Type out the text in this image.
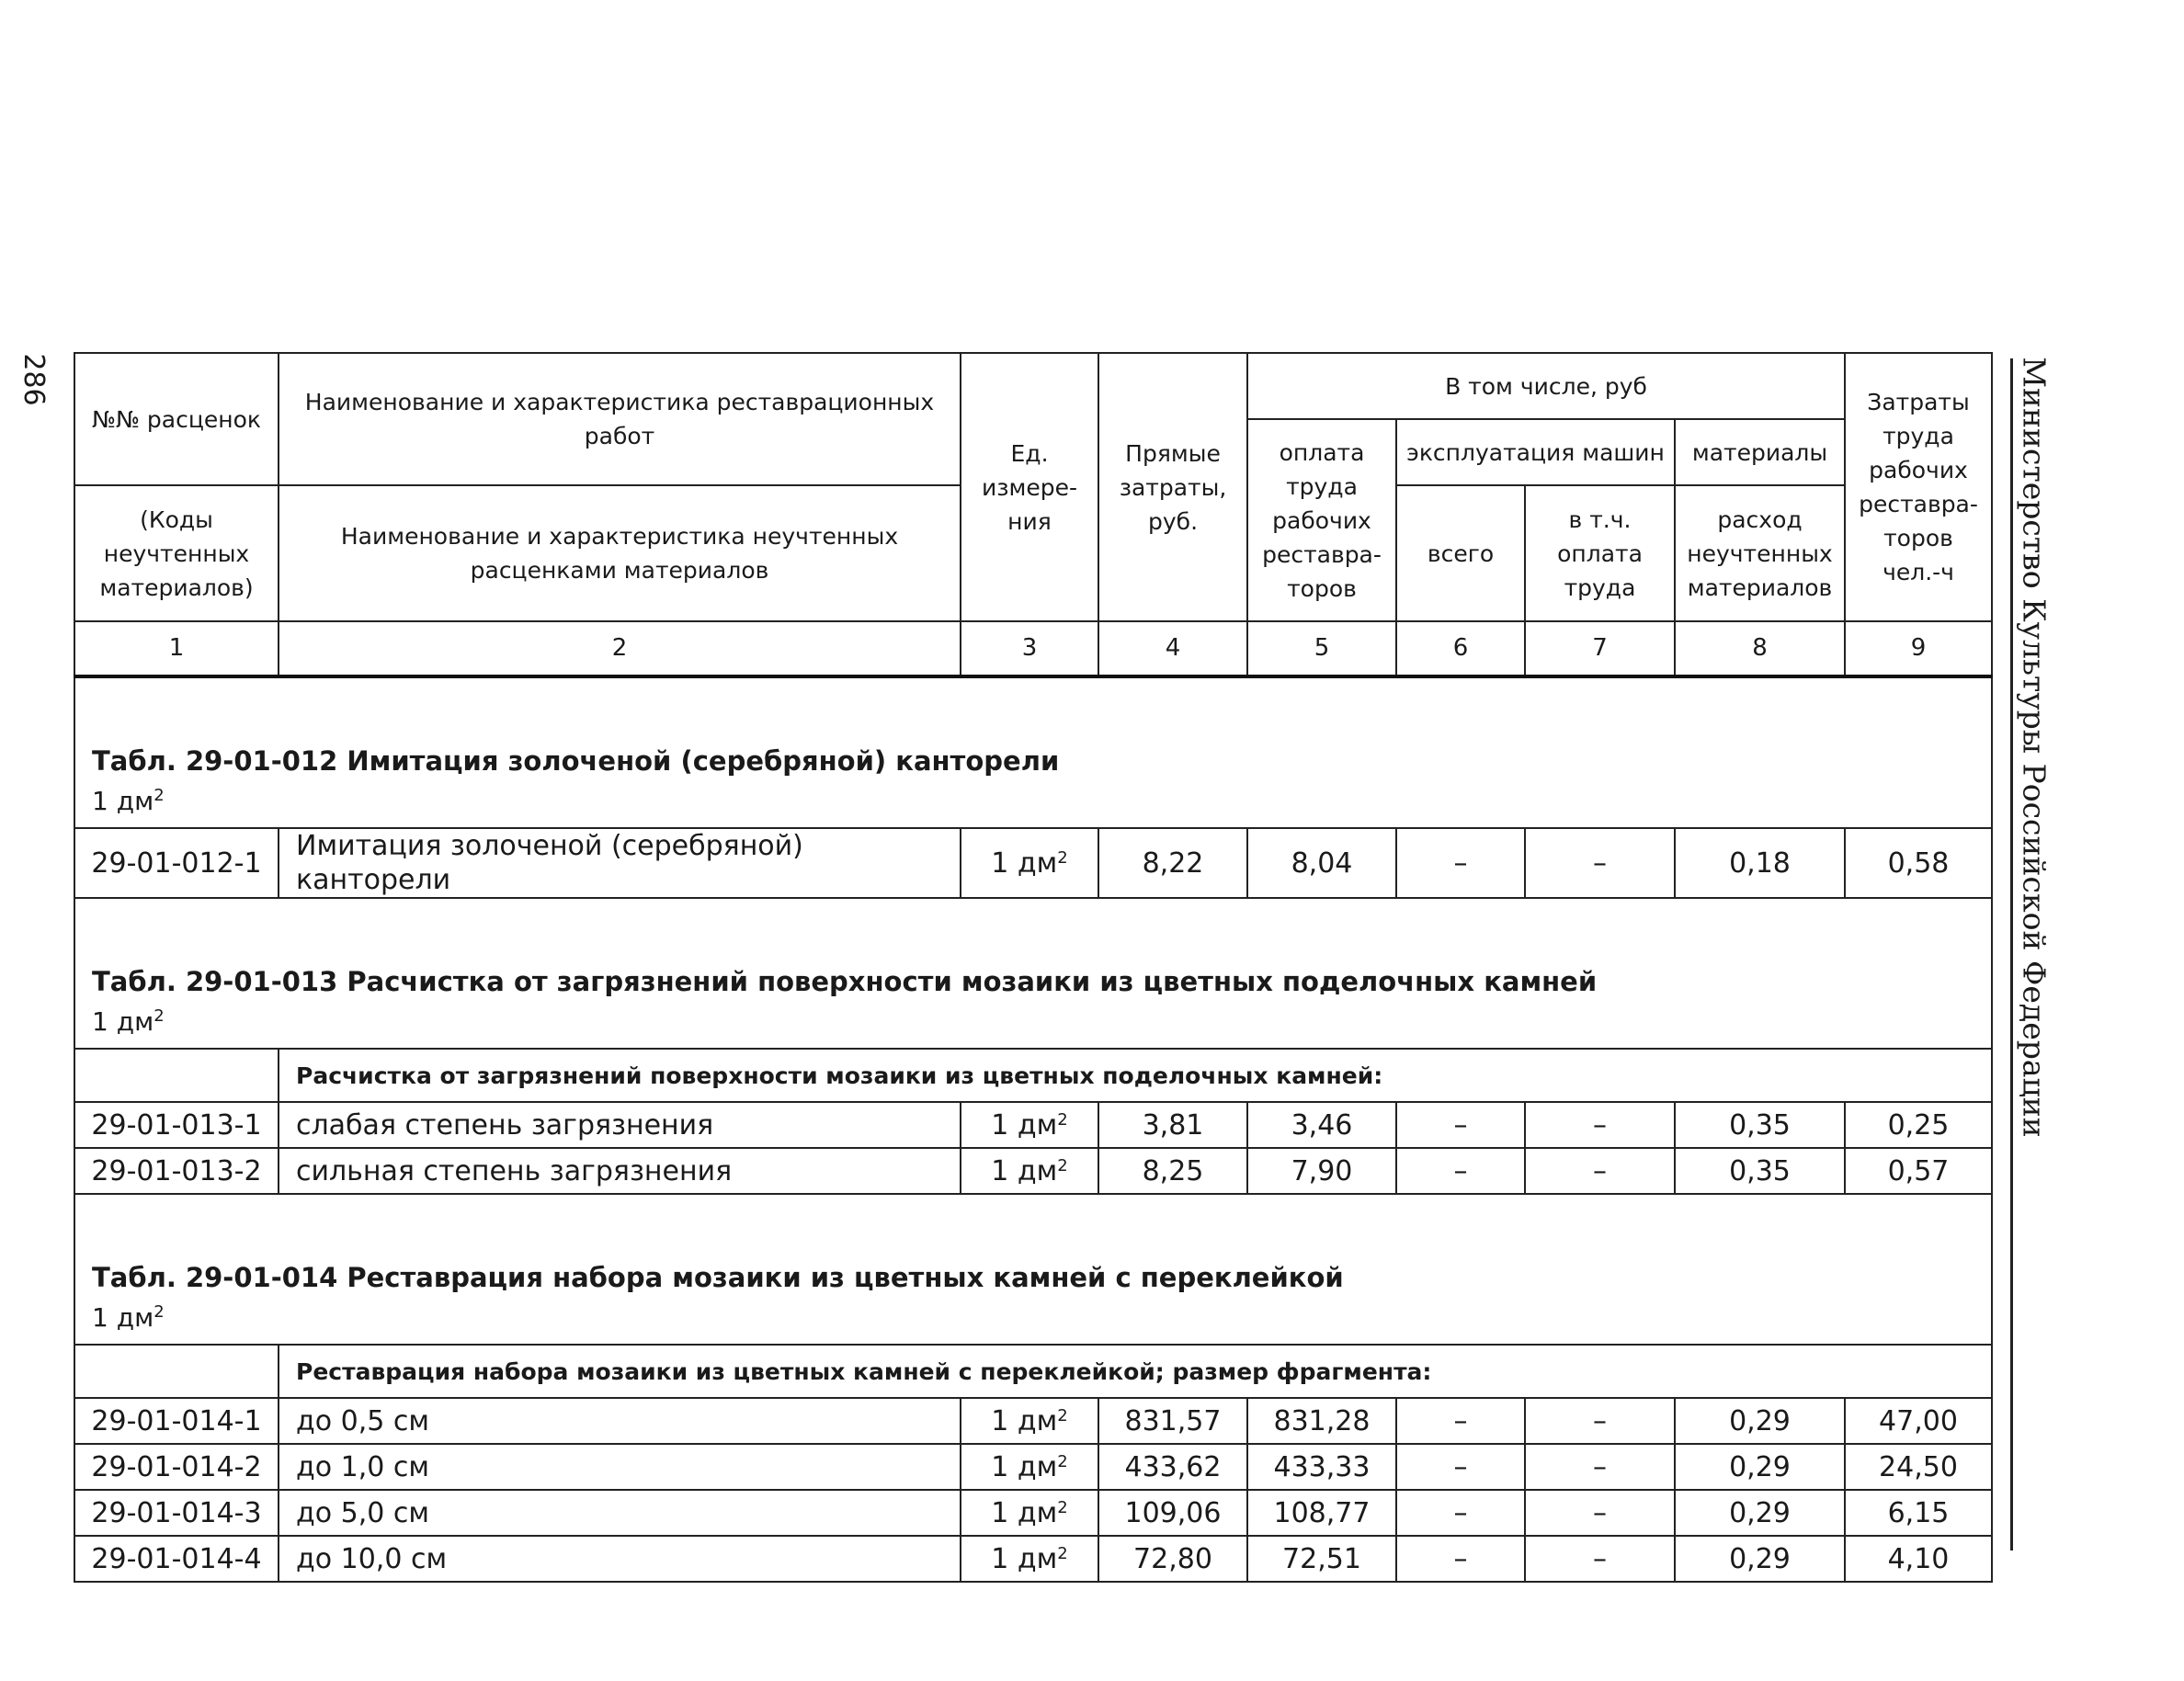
286	Министерство Культуры Российской Федерации
№№ расценок	Наименование и характеристика реставрационных работ	Ед. измере-ния	Прямые затраты, руб.	В том числе, руб				Затраты труда рабочих реставра-торов чел.-ч
				оплата труда рабочих реставра-торов	эксплуатация машин		материалы	
(Коды неучтенных материалов)	Наименование и характеристика неучтенных расценками материалов				всего	в т.ч. оплата труда	расход неучтенных материалов	
1	2	3	4	5	6	7	8	9

Табл. 29-01-012 Имитация золоченой (серебряной) канторели
1 $дм^2$

29-01-012-1	Имитация золоченой (серебряной) канторели	1 $дм^2$	8,22	8,04	–	–	0,18	0,58

Табл. 29-01-013 Расчистка от загрязнений поверхности мозаики из цветных поделочных камней
1 $дм^2$

	Расчистка от загрязнений поверхности мозаики из цветных поделочных камней:							
29-01-013-1	слабая степень загрязнения	1 $дм^2$	3,81	3,46	–	–	0,35	0,25
29-01-013-2	сильная степень загрязнения	1 $дм^2$	8,25	7,90	–	–	0,35	0,57

Табл. 29-01-014 Реставрация набора мозаики из цветных камней с переклейкой
1 $дм^2$

	Реставрация набора мозаики из цветных камней с переклейкой; размер фрагмента:							
29-01-014-1	до 0,5 см	1 $дм^2$	831,57	831,28	–	–	0,29	47,00
29-01-014-2	до 1,0 см	1 $дм^2$	433,62	433,33	–	–	0,29	24,50
29-01-014-3	до 5,0 см	1 $дм^2$	109,06	108,77	–	–	0,29	6,15
29-01-014-4	до 10,0 см	1 $дм^2$	72,80	72,51	–	–	0,29	4,10
